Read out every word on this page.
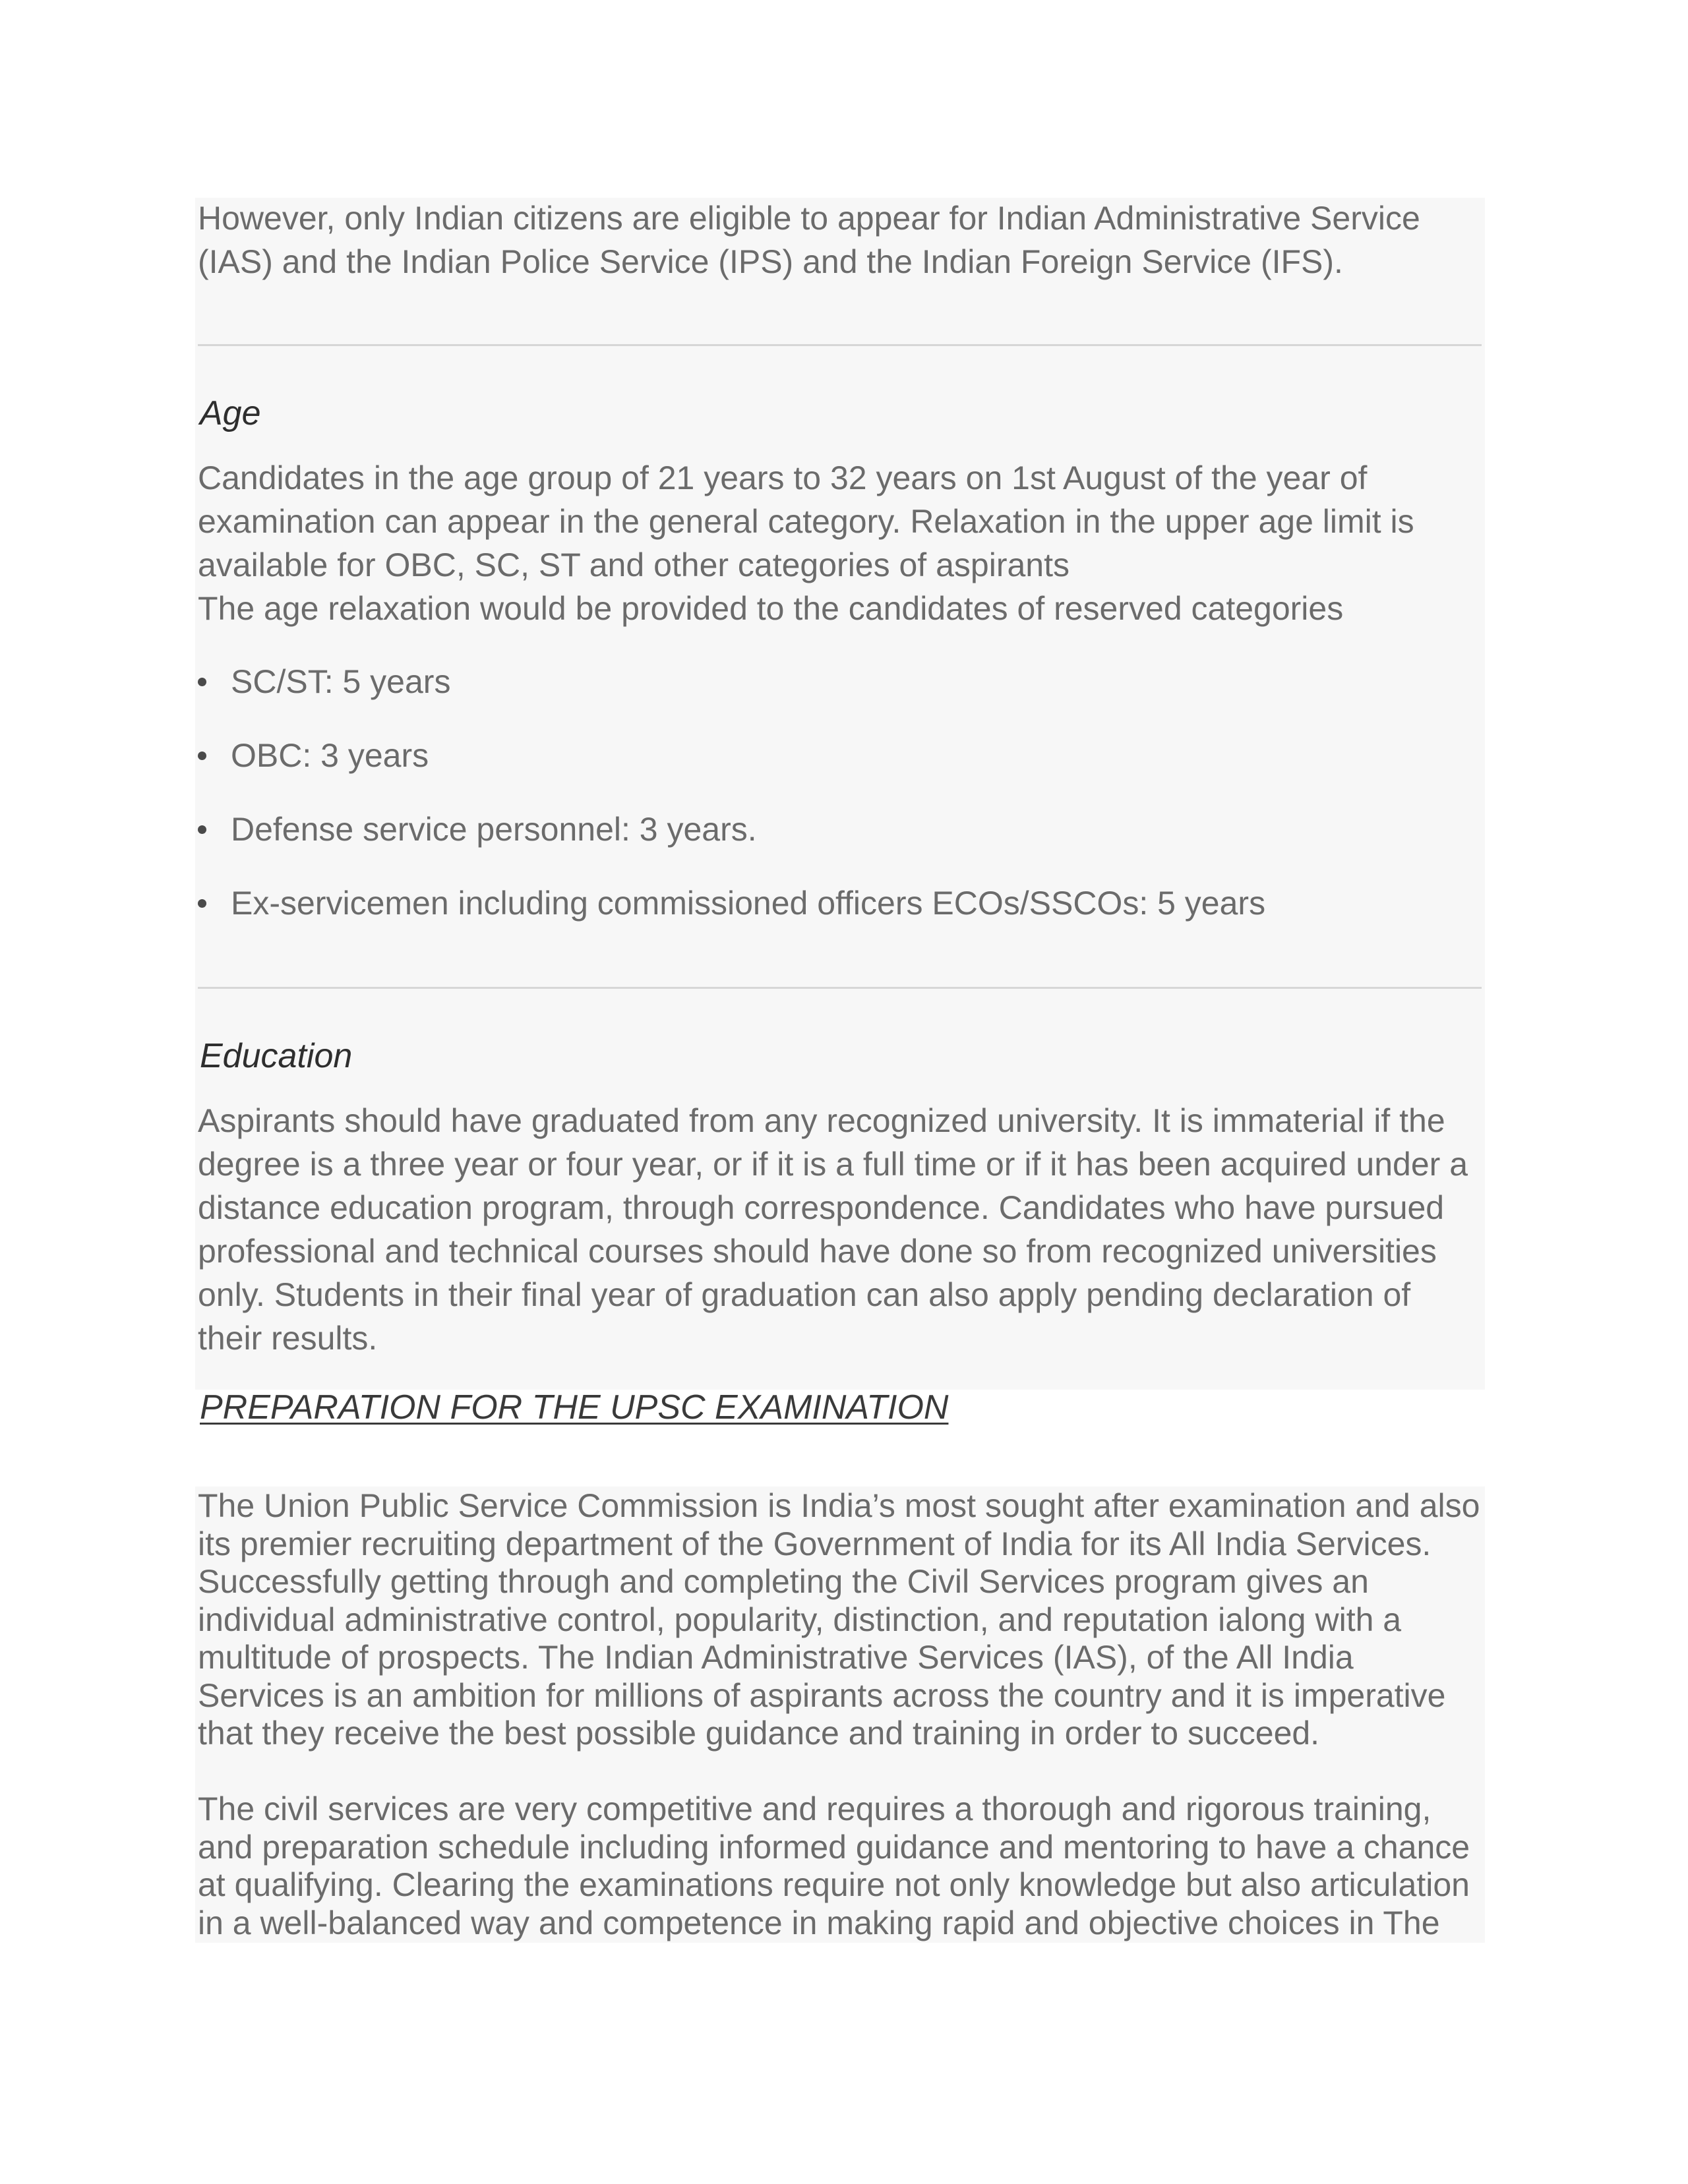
However, only Indian citizens are eligible to appear for Indian Administrative Service
(IAS) and the Indian Police Service (IPS) and the Indian Foreign Service (IFS).
Age
Candidates in the age group of 21 years to 32 years on 1st August of the year of
examination can appear in the general category. Relaxation in the upper age limit is
available for OBC, SC, ST and other categories of aspirants
The age relaxation would be provided to the candidates of reserved categories
SC/ST: 5 years
OBC: 3 years
Defense service personnel: 3 years.
Ex-servicemen including commissioned officers ECOs/SSCOs: 5 years
Education
Aspirants should have graduated from any recognized university. It is immaterial if the
degree is a three year or four year, or if it is a full time or if it has been acquired under a
distance education program, through correspondence. Candidates who have pursued
professional and technical courses should have done so from recognized universities
only. Students in their final year of graduation can also apply pending declaration of
their results.
PREPARATION FOR THE UPSC EXAMINATION
The Union Public Service Commission is India’s most sought after examination and also
its premier recruiting department of the Government of India for its All India Services.
Successfully getting through and completing the Civil Services program gives an
individual administrative control, popularity, distinction, and reputation ialong with a
multitude of prospects. The Indian Administrative Services (IAS), of the All India
Services is an ambition for millions of aspirants across the country and it is imperative
that they receive the best possible guidance and training in order to succeed.
The civil services are very competitive and requires a thorough and rigorous training,
and preparation schedule including informed guidance and mentoring to have a chance
at qualifying. Clearing the examinations require not only knowledge but also articulation
in a well-balanced way and competence in making rapid and objective choices in The
